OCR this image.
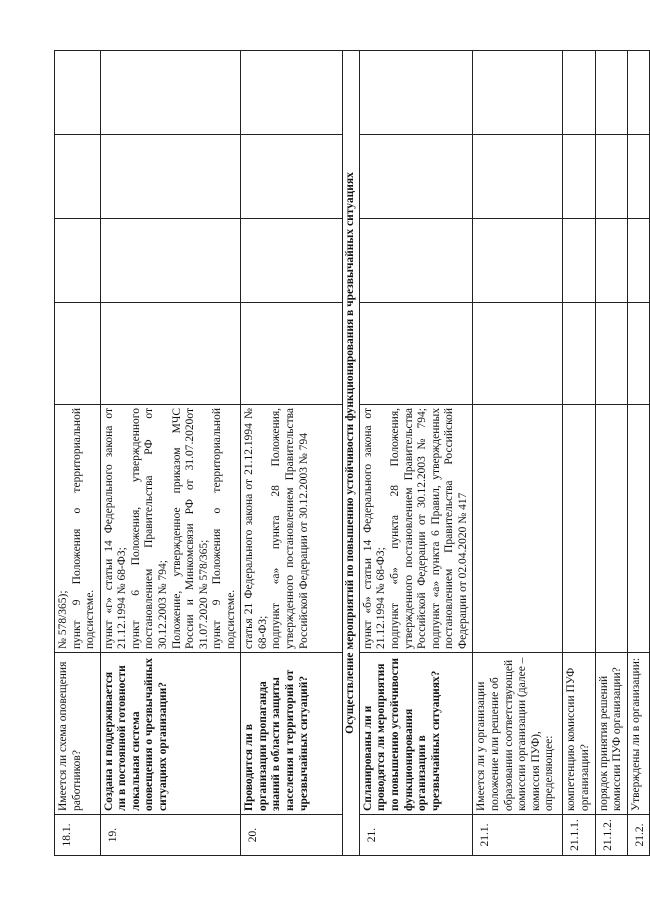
18.1.	Имеется ли схема оповещения работников?	№ 578/365); пункт 9 Положения о территориальной подсистеме.				

19.	Создана и поддерживается ли в постоянной готовности локальная система оповещения о чрезвычайных ситуациях организации?	пункт «г» статьи 14 Федерального закона от 21.12.1994 № 68-ФЗ; пункт 6 Положения, утвержденного постановлением Правительства РФ от 30.12.2003 № 794; Положение, утвержденное приказом МЧС России и Минкомсвязи РФ от 31.07.2020от 31.07.2020 № 578/365; пункт 9 Положения о территориальной подсистеме.				

20.	Проводится ли в организации пропаганда знаний в области защиты населения и территорий от чрезвычайных ситуаций?	статья 21 Федерального закона от 21.12.1994 № 68-ФЗ; подпункт «а» пункта 28 Положения, утвержденного постановлением Правительства Российской Федерации от 30.12.2003 № 794				

Осуществление мероприятий по повышению устойчивости функционирования в чрезвычайных ситуациях						
21.	Спланированы ли и проводятся ли мероприятия по повышению устойчивости функционирования организации в чрезвычайных ситуациях?	пункт «б» статьи 14 Федерального закона от 21.12.1994 № 68-ФЗ; подпункт «б» пункта 28 Положения, утвержденного постановлением Правительства Российской Федерации от 30.12.2003 № 794; подпункт «а» пункта 6 Правил, утвержденных постановлением Правительства Российской Федерации от 02.04.2020 № 417				

21.1.	Имеется ли у организации положение или решение об образовании соответствующей комиссии организации (далее – комиссия ПУФ), определяющее:					
21.1.1.	компетенцию комиссии ПУФ организации?					
21.1.2.	порядок принятия решений комиссии ПУФ организации?					
21.2.	Утверждены ли в организации:					
